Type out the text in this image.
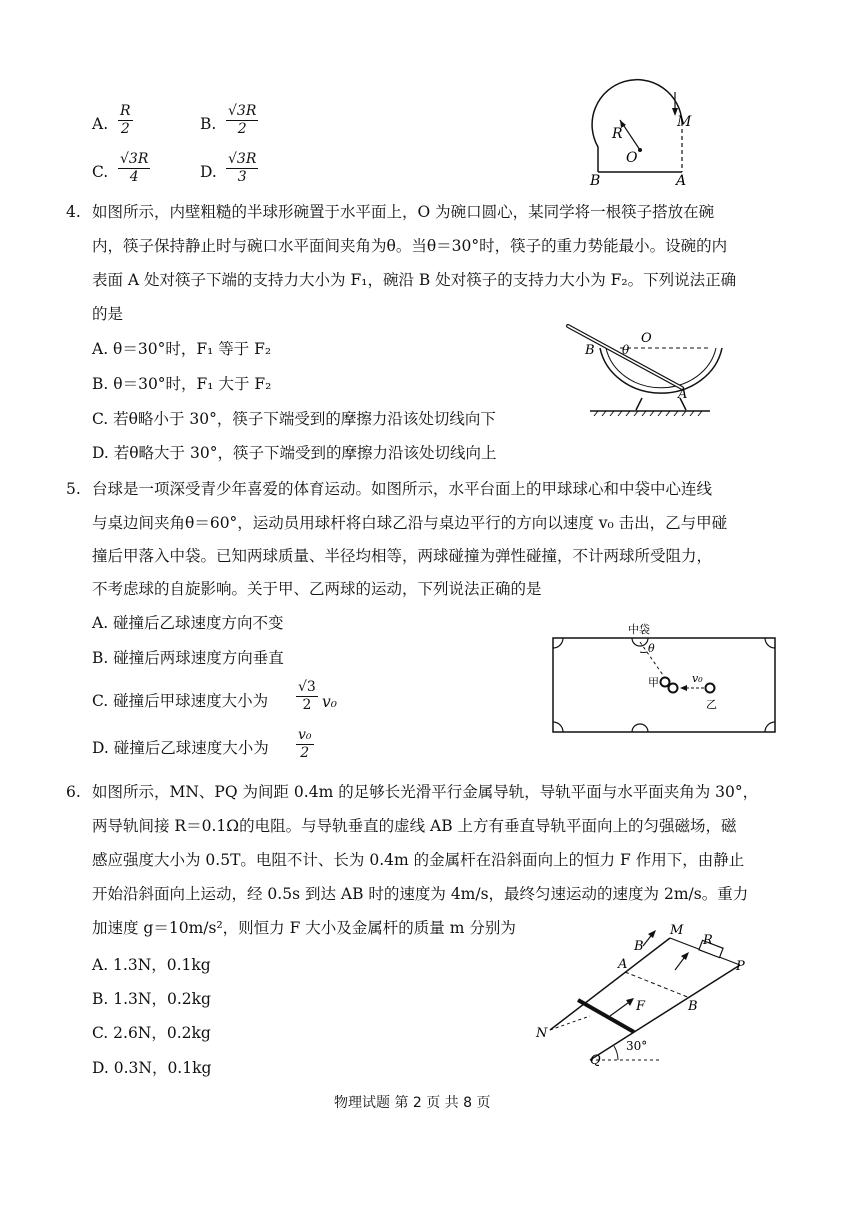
A. $\frac{R}{2}$	B. $\frac{√3R}{2}$
C. $\frac{√3R}{4}$	D. $\frac{√3R}{3}$
R
O
M
B	A
4. 如图所示，内壁粗糙的半球形碗置于水平面上，O 为碗口圆心，某同学将一根筷子搭放在碗
内，筷子保持静止时与碗口水平面间夹角为θ。当θ＝30°时，筷子的重力势能最小。设碗的内
表面 A 处对筷子下端的支持力大小为 F₁，碗沿 B 处对筷子的支持力大小为 F₂。下列说法正确
的是
A. θ＝30°时，F₁ 等于 F₂
B. θ＝30°时，F₁ 大于 F₂
C. 若θ略小于 30°，筷子下端受到的摩擦力沿该处切线向下
D. 若θ略大于 30°，筷子下端受到的摩擦力沿该处切线向上
O
B θ
A
5. 台球是一项深受青少年喜爱的体育运动。如图所示，水平台面上的甲球球心和中袋中心连线
与桌边间夹角θ＝60°，运动员用球杆将白球乙沿与桌边平行的方向以速度 v₀ 击出，乙与甲碰
撞后甲落入中袋。已知两球质量、半径均相等，两球碰撞为弹性碰撞，不计两球所受阻力，
不考虑球的自旋影响。关于甲、乙两球的运动，下列说法正确的是
A. 碰撞后乙球速度方向不变
B. 碰撞后两球速度方向垂直
C. 碰撞后甲球速度大小为 $\frac{√3}{2} v_0$
D. 碰撞后乙球速度大小为 $\frac{\text{v₀}}{2}$
中袋
θ
甲
乙
v₀
6. 如图所示，MN、PQ 为间距 0.4m 的足够长光滑平行金属导轨，导轨平面与水平面夹角为 30°，
两导轨间接 R＝0.1Ω的电阻。与导轨垂直的虚线 AB 上方有垂直导轨平面向上的匀强磁场，磁
感应强度大小为 0.5T。电阻不计、长为 0.4m 的金属杆在沿斜面向上的恒力 F 作用下，由静止
开始沿斜面向上运动，经 0.5s 到达 AB 时的速度为 4m/s，最终匀速运动的速度为 2m/s。重力
加速度 g＝10m/s²，则恒力 F 大小及金属杆的质量 m 分别为
A. 1.3N，0.1kg
B. 1.3N，0.2kg
C. 2.6N，0.2kg
D. 0.3N，0.1kg
B
M
R
A	P
F	B
N
Q
30°
物理试题 第 2 页 共 8 页
